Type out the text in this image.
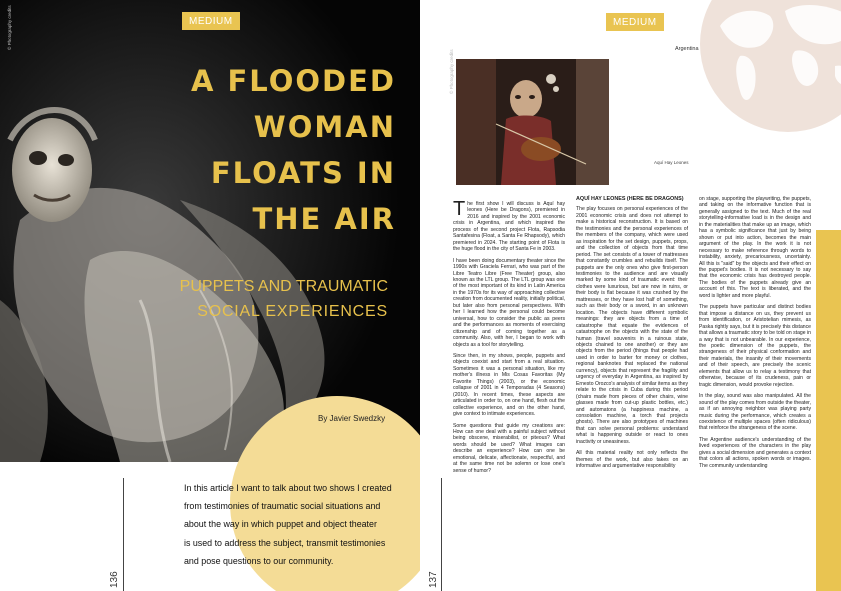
MEDIUM
© Photography credits
A FLOODED
WOMAN
FLOATS IN
THE AIR
PUPPETS AND TRAUMATIC
SOCIAL EXPERIENCES
By Javier Swedzky
In this article I want to talk about two shows I created
from testimonies of traumatic social situations and
about the way in which puppet and object theater
is used to address the subject, transmit testimonies
and pose questions to our community.
136
Argentina
MEDIUM
© Photography credits
Aquí Hay Leones

The first show I will discuss is Aquí hay leones (Here be Dragons), premiered in 2016 and inspired by the 2001 economic crisis in Argentina, and which inspired the process of the second project Flota, Rapsodia Santafesina (Float, a Santa Fe Rhapsody), which premiered in 2024. The starting point of Flota is the huge flood in the city of Santa Fe in 2003.

I have been doing documentary theater since the 1990s with Graciela Ferrari, who was part of the Libre Teatro Libre (Free Theater) group, also known as the LTL group. The LTL group was one of the most important of its kind in Latin America in the 1970s for its way of approaching collective creation from documented reality, initially political, but later also from personal perspectives. With her I learned how the personal could become universal, how to consider the public as peers and the performances as moments of exercising citizenship and of coming together as a community. Also, with her, I began to work with objects as a tool for storytelling.

Since then, in my shows, people, puppets and objects coexist and start from a real situation. Sometimes it was a personal situation, like my mother's illness in Mis Cosas Favoritas (My Favorite Things) (2003), or the economic collapse of 2001 in 4 Temporadas (4 Seasons) (2010). In recent times, these aspects are articulated in order to, on one hand, flesh out the collective experience, and on the other hand, give context to intimate experiences.

Some questions that guide my creations are: How can one deal with a painful subject without being obscene, miserabilist, or piteous? What words should be used? What images can describe an experience? How can one be emotional, delicate, affectionate, respectful, and at the same time not be solemn or lose one's sense of humor?

AQUÍ HAY LEONES (HERE BE DRAGONS)

The play focuses on personal experiences of the 2001 economic crisis and does not attempt to make a historical reconstruction. It is based on the testimonies and the personal experiences of the members of the company, which were used as inspiration for the set design, puppets, props, and the collection of objects from that time period. The set consists of a tower of mattresses that constantly crumbles and rebuilds itself. The puppets are the only ones who give first-person testimonies to the audience and are visually marked by some kind of traumatic event: their clothes were luxurious, but are now in ruins, or their body is flat because it was crushed by the mattresses, or they have lost half of something, such as their body or a sword, in an unknown location. The objects have different symbolic meanings: they are objects from a time of catastrophe that equate the evidences of catastrophe on the objects with the state of the human (travel souvenirs in a ruinous state, objects chained to one another) or they are objects from the period (things that people had used in order to barter for money or clothes, regional banknotes that replaced the national currency), objects that represent the fragility and urgency of everyday in Argentina, as inspired by Ernesto Orozco's analysis of similar items as they relate to the crisis in Cuba during this period (chairs made from pieces of other chairs, wine glasses made from cut-up plastic bottles, etc.) and automatons (a happiness machine, a consolation machine, a torch that projects ghosts). There are also prototypes of machines that can solve personal problems: understand what is happening outside or react to ones inactivity or uneasiness.

All this material reality not only reflects the themes of the work, but also takes on an informative and argumentative responsibility

on stage, supporting the playwriting, the puppets, and taking on the informative function that is generally assigned to the text. Much of the real storytelling-informative load is in the design and in the materialities that make up an image, which has a symbolic significance that just by being shown or put into action, becomes the main argument of the play. In the work it is not necessary to make reference through words to instability, anxiety, precariousness, uncertainty. All this is "said" by the objects and their effect on the puppet's bodies. It is not necessary to say that the economic crisis has destroyed people. The bodies of the puppets already give an account of this. The text is liberated, and the word is lighter and more playful.

The puppets have particular and distinct bodies that impose a distance on us, they prevent us from identification, or Aristotelian mimesis, as Paska rightly says, but it is precisely this distance that allows a traumatic story to be told on stage in a way that is not unbearable. In our experience, the poetic dimension of the puppets, the strangeness of their physical conformation and their materials, the insanity of their movements and of their speech, are precisely the scenic elements that allow us to relay a testimony that otherwise, because of its crudeness, pain or tragic dimension, would provoke rejection.

In the play, sound was also manipulated. All the sound of the play comes from outside the theater, as if an annoying neighbor was playing party music during the performance, which creates a coexistence of multiple spaces (often ridiculous) that reinforce the strangeness of the scene.

The Argentine audience's understanding of the lived experiences of the characters in the play gives a social dimension and generates a context that colors all actions, spoken words or images. The community understanding

137
